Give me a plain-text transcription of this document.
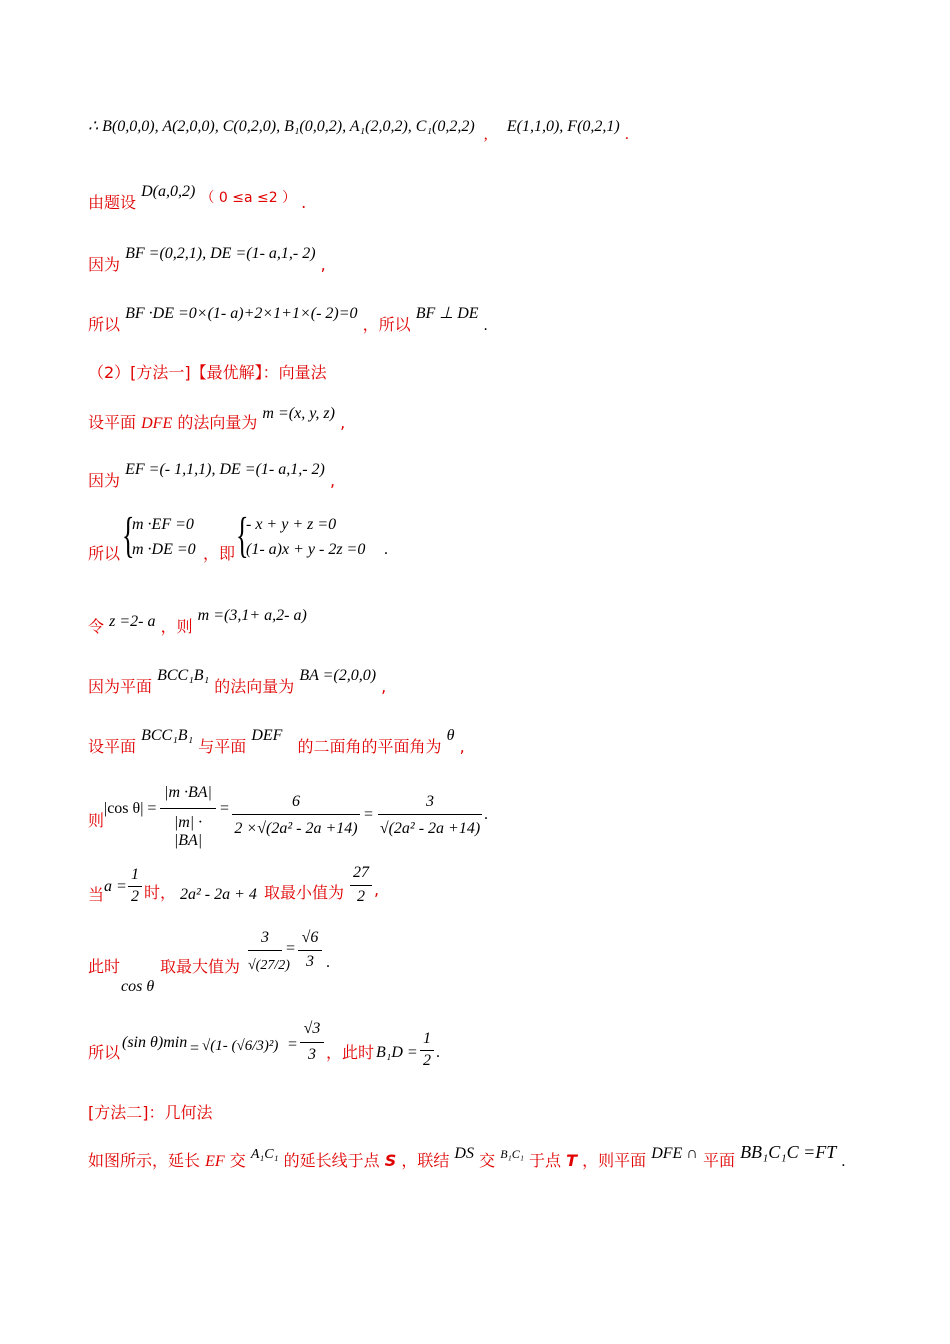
∴ B(0,0,0), A(2,0,0), C(0,2,0), B₁(0,0,2), A₁(2,0,2), C₁(0,2,2) , E(1,1,0), F(0,2,1) .
由题设 D(a,0,2) （ 0 ≤a ≤2 ） .
因为 BF =(0,2,1), DE =(1- a,1,- 2) ,
所以 BF ·DE =0×(1- a)+2×1+1×(- 2)=0 ，所以 BF ⊥ DE .
（2）[方法一]【最优解】：向量法
设平面 DFE 的法向量为 m =(x, y, z) ,
因为 EF =(- 1,1,1), DE =(1- a,1,- 2) ,
所以 {
m ·EF =0
m ·DE =0 ，即 {
- x + y + z =0
(1- a)x + y - 2z =0 .
令 z =2- a ，则 m =(3,1+ a,2- a)
因为平面 BCC₁B₁ 的法向量为 BA =(2,0,0) ,
设平面 BCC₁B₁ 与平面 DEF 的二面角的平面角为 θ ,
则
|cos θ| =
|m ·BA|
|m| · |BA|
=	6
2 ×√(2a² - 2a +14)
=
3
√(2a² - 2a +14)
.
当 a =
1
2 时， 2a² - 2a + 4 取最小值为
27
2 ,
此时
cos θ
取最大值为
3
√(27/2)
=
√6
3 .
所以
(sin θ)min = √(1- (√6/3)²) =
√3
3 ，此时 B₁D =
1
2 .
[方法二]：几何法
如图所示，延长 EF 交 A₁C₁ 的延长线于点 S ，联结 DS 交 B₁C₁ 于点 T ，则平面 DFE ∩ 平面 BB₁C₁C =FT .
